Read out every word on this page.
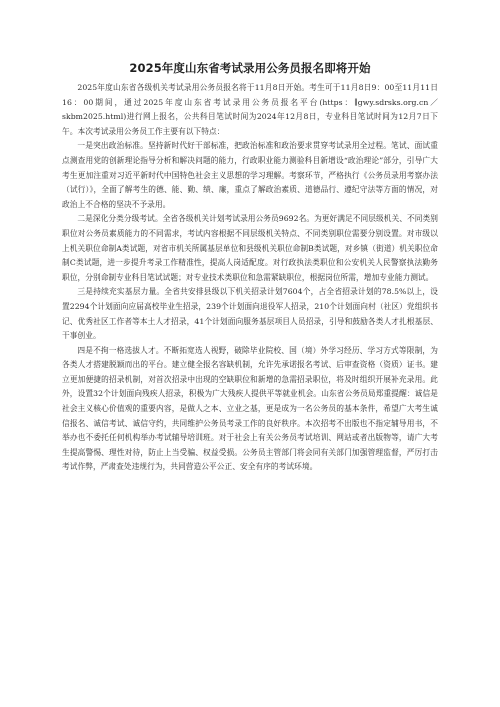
2025年度山东省考试录用公务员报名即将开始

2025年度山东省各级机关考试录用公务员报名将于11月8日开始。考生可于11月8日9：00至11月11日16：00期间，通过2025年度山东省考试录用公务员报名平台(https：∥gwy.sdrsks.org.cn／skbm2025.html)进行网上报名，公共科目笔试时间为2024年12月8日，专业科目笔试时间为12月7日下午。本次考试录用公务员工作主要有以下特点：

一是突出政治标准。坚持新时代好干部标准，把政治标准和政治要求贯穿考试录用全过程。笔试、面试重点测查用党的创新理论指导分析和解决问题的能力，行政职业能力测验科目新增设“政治理论”部分，引导广大考生更加注重对习近平新时代中国特色社会主义思想的学习理解。考察环节，严格执行《公务员录用考察办法（试行）》，全面了解考生的德、能、勤、绩、廉，重点了解政治素质、道德品行、遵纪守法等方面的情况，对政治上不合格的坚决不予录用。

二是深化分类分级考试。全省各级机关计划考试录用公务员9692名。为更好满足不同层级机关、不同类别职位对公务员素质能力的不同需求，考试内容根据不同层级机关特点、不同类别职位需要分别设置。对市级以上机关职位命制A类试题，对省市机关所属基层单位和县级机关职位命制B类试题，对乡镇（街道）机关职位命制C类试题，进一步提升考录工作精准性，提高人岗适配度。对行政执法类职位和公安机关人民警察执法勤务职位，分别命制专业科目笔试试题；对专业技术类职位和急需紧缺职位，根据岗位所需，增加专业能力测试。

三是持续充实基层力量。全省共安排县级以下机关招录计划7604个，占全省招录计划的78.5%以上，设置2294个计划面向应届高校毕业生招录，239个计划面向退役军人招录，210个计划面向村（社区）党组织书记、优秀社区工作者等本土人才招录，41个计划面向服务基层项目人员招录，引导和鼓励各类人才扎根基层、干事创业。

四是不拘一格选拔人才。不断拓宽选人视野，破除毕业院校、国（境）外学习经历、学习方式等限制，为各类人才搭建脱颖而出的平台。建立健全报名容缺机制，允许先承诺报名考试、后审查资格（资质）证书。建立更加便捷的招录机制，对首次招录中出现的空缺职位和新增的急需招录职位，将及时组织开展补充录用。此外，设置32个计划面向残疾人招录，积极为广大残疾人提供平等就业机会。山东省公务员局郑重提醒：诚信是社会主义核心价值观的重要内容，是做人之本、立业之基，更是成为一名公务员的基本条件，希望广大考生诚信报名、诚信考试、诚信守约，共同维护公务员考录工作的良好秩序。本次招考不出版也不指定辅导用书，不举办也不委托任何机构举办考试辅导培训班。对于社会上有关公务员考试培训、网站或者出版物等，请广大考生提高警惕、理性对待，防止上当受骗、权益受损。公务员主管部门将会同有关部门加强管理监督，严厉打击考试作弊，严肃查处违规行为，共同营造公平公正、安全有序的考试环境。
